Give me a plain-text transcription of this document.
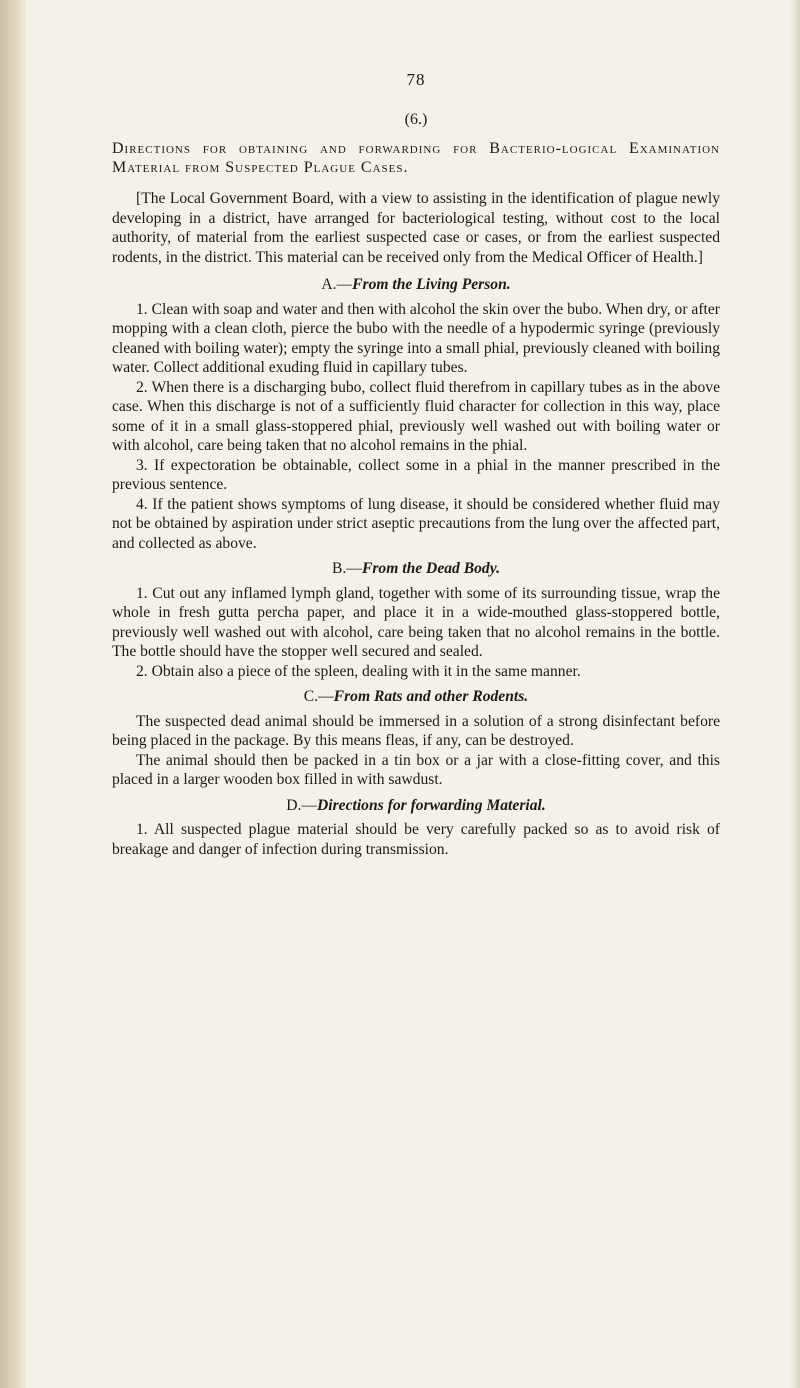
78
(6.)
Directions for obtaining and forwarding for Bacterio-logical Examination Material from Suspected Plague Cases.

[The Local Government Board, with a view to assisting in the identification of plague newly developing in a district, have arranged for bacteriological testing, without cost to the local authority, of material from the earliest suspected case or cases, or from the earliest suspected rodents, in the district. This material can be received only from the Medical Officer of Health.]

A.—From the Living Person.

1. Clean with soap and water and then with alcohol the skin over the bubo. When dry, or after mopping with a clean cloth, pierce the bubo with the needle of a hypodermic syringe (previously cleaned with boiling water); empty the syringe into a small phial, previously cleaned with boiling water. Collect additional exuding fluid in capillary tubes.

2. When there is a discharging bubo, collect fluid therefrom in capillary tubes as in the above case. When this discharge is not of a sufficiently fluid character for collection in this way, place some of it in a small glass-stoppered phial, previously well washed out with boiling water or with alcohol, care being taken that no alcohol remains in the phial.

3. If expectoration be obtainable, collect some in a phial in the manner prescribed in the previous sentence.

4. If the patient shows symptoms of lung disease, it should be considered whether fluid may not be obtained by aspiration under strict aseptic precautions from the lung over the affected part, and collected as above.

B.—From the Dead Body.

1. Cut out any inflamed lymph gland, together with some of its surrounding tissue, wrap the whole in fresh gutta percha paper, and place it in a wide-mouthed glass-stoppered bottle, previously well washed out with alcohol, care being taken that no alcohol remains in the bottle. The bottle should have the stopper well secured and sealed.

2. Obtain also a piece of the spleen, dealing with it in the same manner.

C.—From Rats and other Rodents.

The suspected dead animal should be immersed in a solution of a strong disinfectant before being placed in the package. By this means fleas, if any, can be destroyed.

The animal should then be packed in a tin box or a jar with a close-fitting cover, and this placed in a larger wooden box filled in with sawdust.

D.—Directions for forwarding Material.

1. All suspected plague material should be very carefully packed so as to avoid risk of breakage and danger of infection during transmission.
